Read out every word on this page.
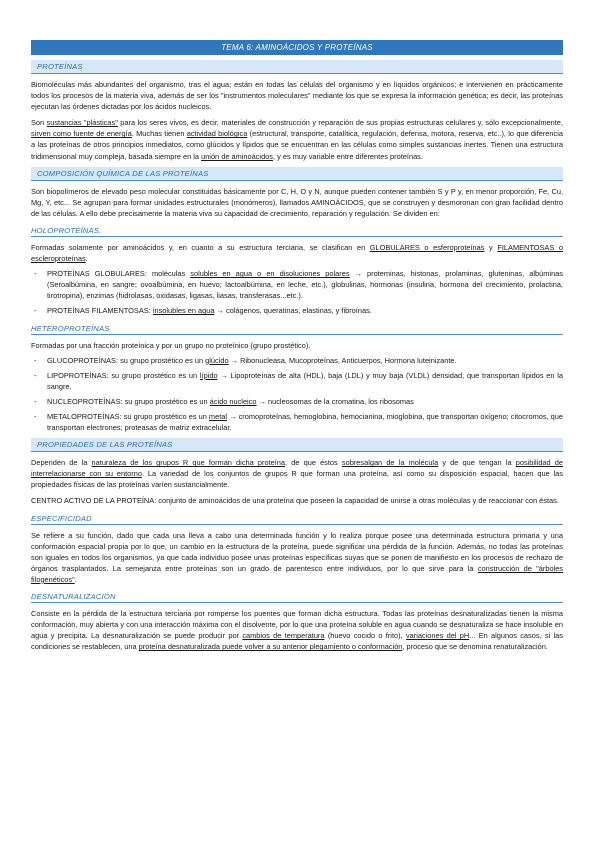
TEMA 6: AMINOÁCIDOS Y PROTEÍNAS
PROTEÍNAS

Biomoléculas más abundantes del organismo, tras el agua; están en todas las células del organismo y en líquidos orgánicos; e intervienen en prácticamente todos los procesos de la materia viva, además de ser los "instrumentos moleculares" mediante los que se expresa la información genética; es decir, las proteínas ejecutan las órdenes dictadas por los ácidos nucleicos.

Son sustancias "plásticas" para los seres vivos, es decir, materiales de construcción y reparación de sus propias estructuras celulares y, sólo excepcionalmente, sirven como fuente de energía. Muchas tienen actividad biológica (estructural, transporte, catalítica, regulación, defensa, motora, reserva, etc..), lo que diferencia a las proteínas de otros principios inmediatos, como glúcidos y lípidos que se encuentran en las células como simples sustancias inertes. Tienen una estructura tridimensional muy compleja, basada siempre en la unión de aminoácidos, y es muy variable entre diferentes proteínas.

COMPOSICIÓN QUÍMICA DE LAS PROTEÍNAS

Son biopolímeros de elevado peso molecular constituidas básicamente por C, H, O y N, aunque pueden contener también S y P y, en menor proporción, Fe, Cu, Mg, Y, etc... Se agrupan para formar unidades estructurales (monómeros), llamados AMINOÁCIDOS, que se construyen y desmoronan con gran facilidad dentro de las células. A ello debe precisamente la materia viva su capacidad de crecimiento, reparación y regulación. Se dividen en:

HOLOPROTEÍNAS.

Formadas solamente por aminoácidos y, en cuanto a su estructura terciaria, se clasifican en GLOBULARES o esferoproteínas y FILAMENTOSAS o escleroproteínas.

- PROTEÍNAS GLOBULARES: moléculas solubles en agua o en disoluciones polares → proteminas, histonas, prolaminas, gluteninas, albúminas (Seroalbúmina, en sangre; ovoalbúmina, en huevo; lactoalbúmina, en leche, etc.), globulinas, hormonas (insulina, hormona del crecimiento, prolactina, tirotropina), enzimas (hidrolasas, oxidasas, ligasas, liasas, transferasas...etc.).
- PROTEÍNAS FILAMENTOSAS: insolubles en agua → colágenos, queratinas, elastinas, y fibroínas.
HETEROPROTEÍNAS

Formadas por una fracción proteínica y por un grupo no proteínico (grupo prostético).

- GLUCOPROTEÍNAS: su grupo prostético es un glúcido → Ribonucleasa, Mucoproteínas, Anticuerpos, Hormona luteinizante.
- LIPOPROTEÍNAS: su grupo prostético es un lípido → Lipoproteínas de alta (HDL), baja (LDL) y muy baja (VLDL) densidad, que transportan lípidos en la sangre.
- NUCLEOPROTEÍNAS: su grupo prostético es un ácido nucleico → nucleosomas de la cromatina, los ribosomas
- METALOPROTEÍNAS: su grupo prostético es un metal → cromoproteínas, hemoglobina, hemocianina, mioglobina, que transportan oxígeno; citocromos, que transportan electrones; proteasas de matriz extracelular.
PROPIEDADES DE LAS PROTEÍNAS

Dependen de la naturaleza de los grupos R que forman dicha proteína, de que éstos sobresalgan de la molécula y de que tengan la posibilidad de interrelacionarse con su entorno. La variedad de los conjuntos de grupos R que forman una proteína, así como su disposición espacial, hacen que las propiedades físicas de las proteínas varíen sustancialmente.

CENTRO ACTIVO DE LA PROTEÍNA: conjunto de aminoácidos de una proteína que poseen la capacidad de unirse a otras moléculas y de reaccionar con éstas.

ESPECIFICIDAD

Se refiere a su función, dado que cada una lleva a cabo una determinada función y lo realiza porque posee una determinada estructura primaria y una conformación espacial propia por lo que, un cambio en la estructura de la proteína, puede significar una pérdida de la función. Además, no todas las proteínas son iguales en todos los organismos, ya que cada individuo posee unas proteínas específicas suyas que se ponen de manifiesto en los procesos de rechazo de órganos trasplantados. La semejanza entre proteínas son un grado de parentesco entre individuos, por lo que sirve para la construcción de "árboles filogenéticos".

DESNATURALIZACIÓN

Consiste en la pérdida de la estructura terciaria por romperse los puentes que forman dicha estructura. Todas las proteínas desnaturalizadas tienen la misma conformación, muy abierta y con una interacción máxima con el disolvente, por lo que una proteína soluble en agua cuando se desnaturaliza se hace insoluble en agua y precipita. La desnaturalización se puede producir por cambios de temperatura (huevo cocido o frito), variaciones del pH... En algunos casos, si las condiciones se restablecen, una proteína desnaturalizada puede volver a su anterior plegamiento o conformación, proceso que se denomina renaturalización.
